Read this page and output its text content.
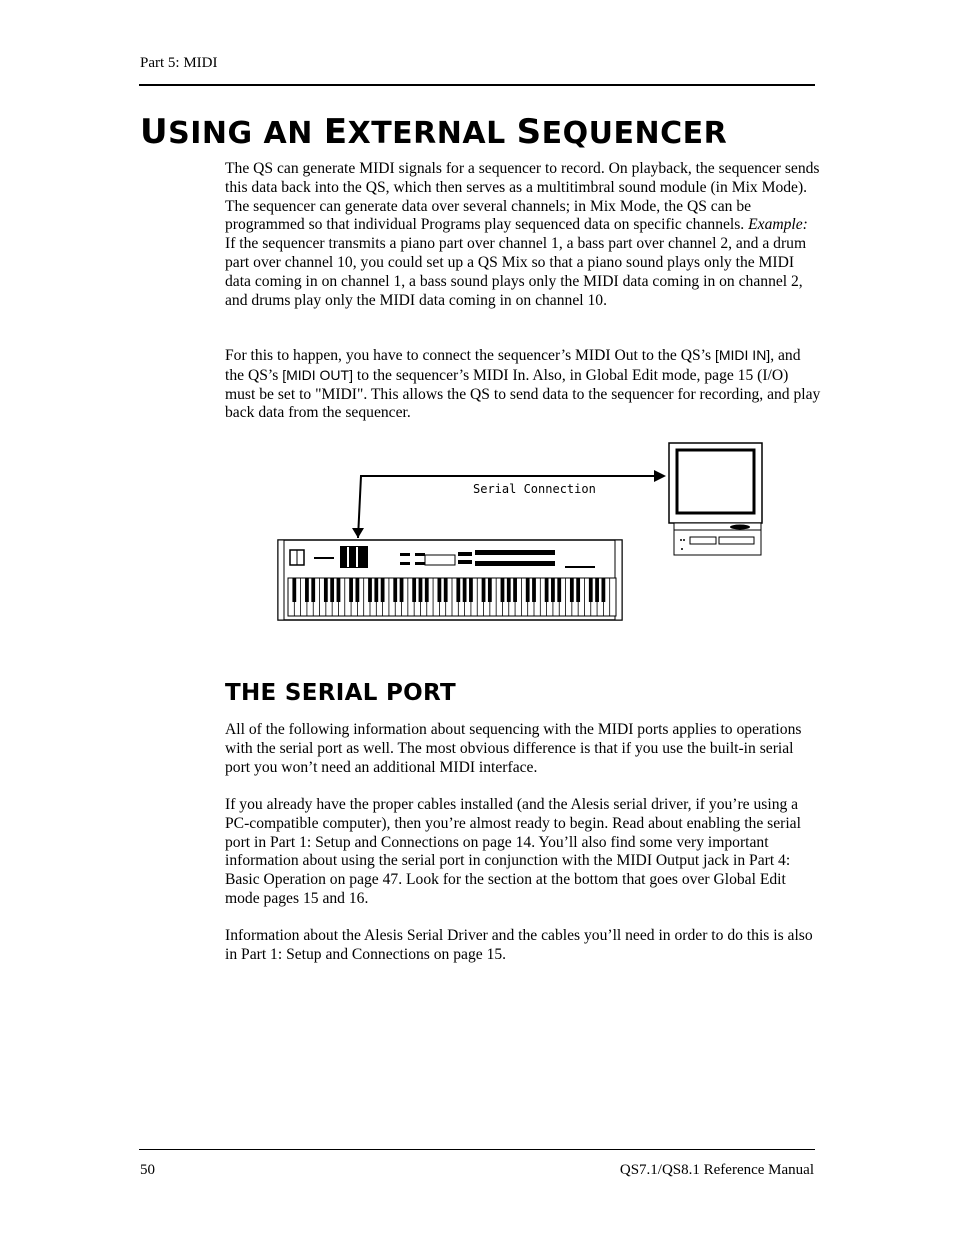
Part 5: MIDI
USING AN EXTERNAL SEQUENCER
The QS can generate MIDI signals for a sequencer to record. On playback, the sequencer sends this data back into the QS, which then serves as a multitimbral sound module (in Mix Mode). The sequencer can generate data over several channels; in Mix Mode, the QS can be programmed so that individual Programs play sequenced data on specific channels. Example: If the sequencer transmits a piano part over channel 1, a bass part over channel 2, and a drum part over channel 10, you could set up a QS Mix so that a piano sound plays only the MIDI data coming in on channel 1, a bass sound plays only the MIDI data coming in on channel 2, and drums play only the MIDI data coming in on channel 10.
For this to happen, you have to connect the sequencer’s MIDI Out to the QS’s [MIDI IN], and the QS’s [MIDI OUT] to the sequencer’s MIDI In. Also, in Global Edit mode, page 15 (I/O) must be set to "MIDI". This allows the QS to send data to the sequencer for recording, and play back data from the sequencer.
Serial Connection
THE SERIAL PORT
All of the following information about sequencing with the MIDI ports applies to operations with the serial port as well. The most obvious difference is that if you use the built-in serial port you won’t need an additional MIDI interface.
If you already have the proper cables installed (and the Alesis serial driver, if you’re using a PC-compatible computer), then you’re almost ready to begin. Read about enabling the serial port in Part 1: Setup and Connections on page 14. You’ll also find some very important information about using the serial port in conjunction with the MIDI Output jack in Part 4: Basic Operation on page 47. Look for the section at the bottom that goes over Global Edit mode pages 15 and 16.
Information about the Alesis Serial Driver and the cables you’ll need in order to do this is also in Part 1: Setup and Connections on page 15.
50	QS7.1/QS8.1 Reference Manual
